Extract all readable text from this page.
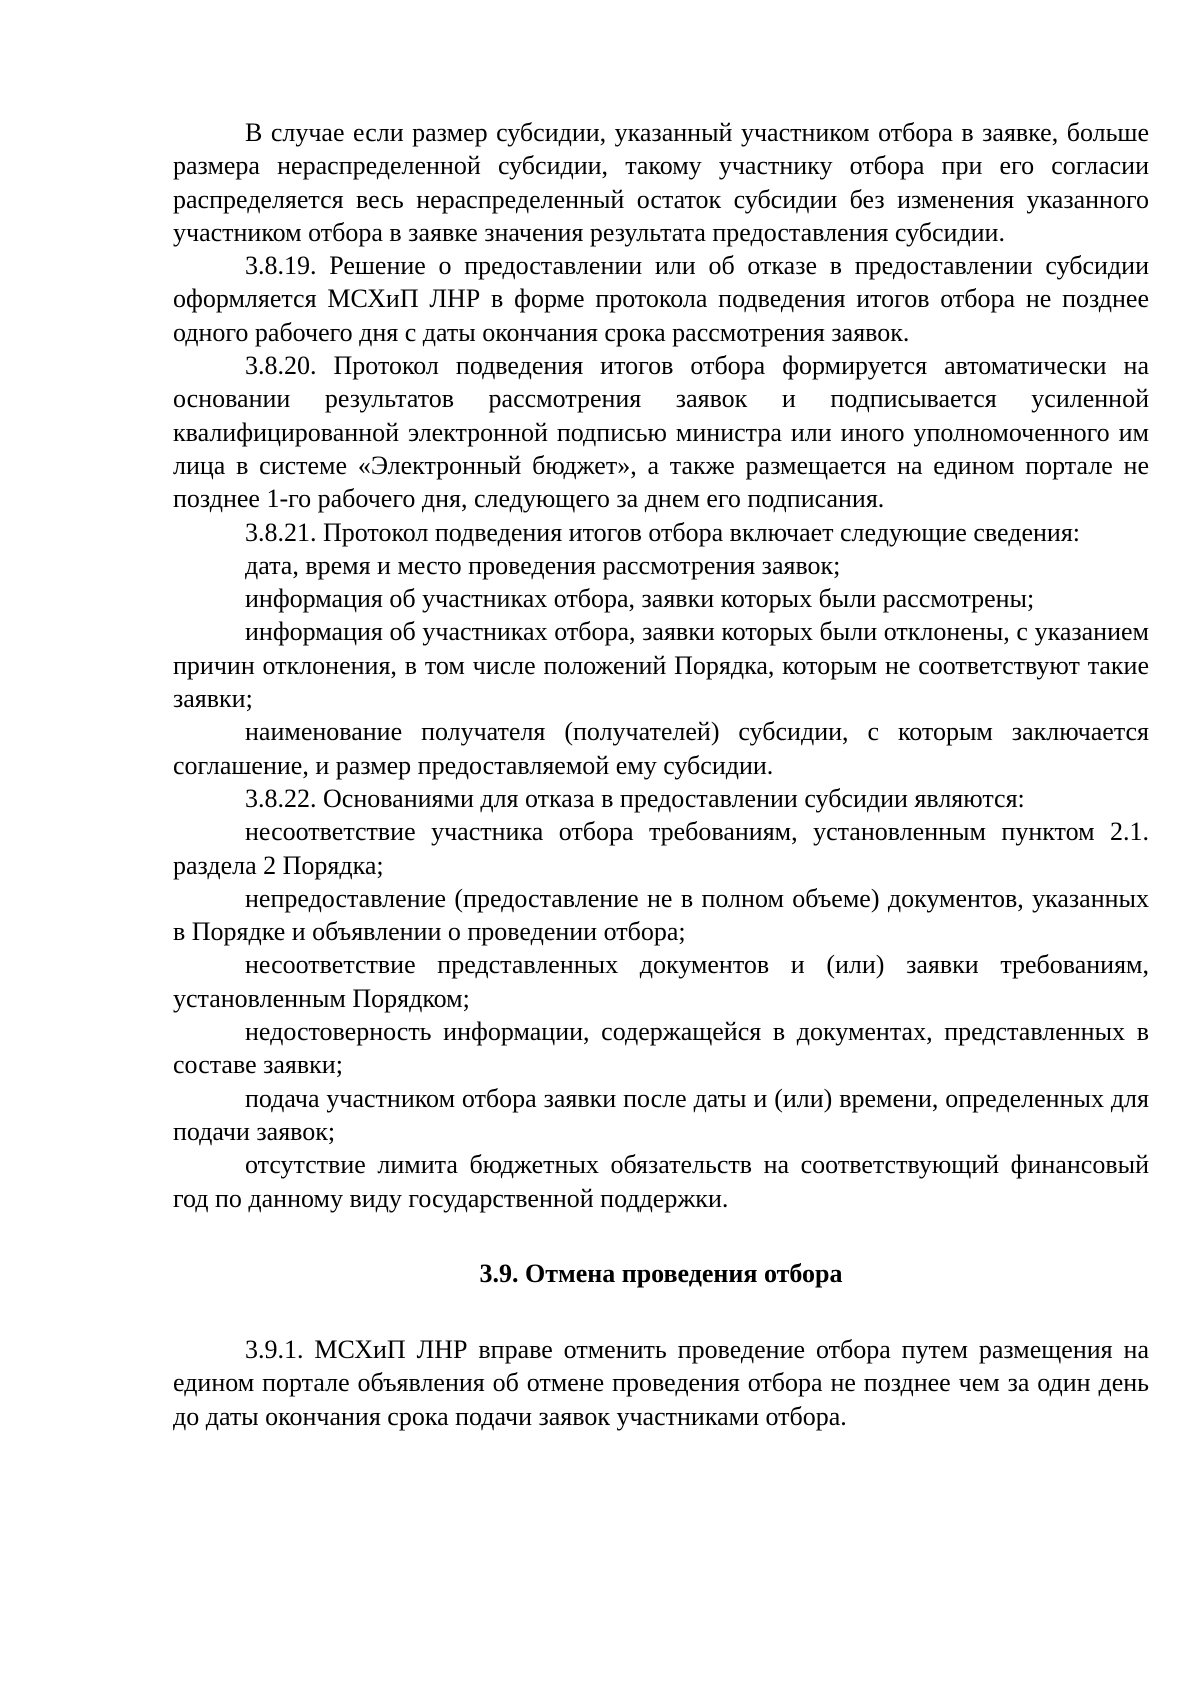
В случае если размер субсидии, указанный участником отбора в заявке, больше размера нераспределенной субсидии, такому участнику отбора при его согласии распределяется весь нераспределенный остаток субсидии без изменения указанного участником отбора в заявке значения результата предоставления субсидии.

3.8.19. Решение о предоставлении или об отказе в предоставлении субсидии оформляется МСХиП ЛНР в форме протокола подведения итогов отбора не позднее одного рабочего дня с даты окончания срока рассмотрения заявок.

3.8.20. Протокол подведения итогов отбора формируется автоматически на основании результатов рассмотрения заявок и подписывается усиленной квалифицированной электронной подписью министра или иного уполномоченного им лица в системе «Электронный бюджет», а также размещается на едином портале не позднее 1-го рабочего дня, следующего за днем его подписания.

3.8.21. Протокол подведения итогов отбора включает следующие сведения:

дата, время и место проведения рассмотрения заявок;

информация об участниках отбора, заявки которых были рассмотрены;

информация об участниках отбора, заявки которых были отклонены, с указанием причин отклонения, в том числе положений Порядка, которым не соответствуют такие заявки;

наименование получателя (получателей) субсидии, с которым заключается соглашение, и размер предоставляемой ему субсидии.

3.8.22. Основаниями для отказа в предоставлении субсидии являются:

несоответствие участника отбора требованиям, установленным пунктом 2.1. раздела 2 Порядка;

непредоставление (предоставление не в полном объеме) документов, указанных в Порядке и объявлении о проведении отбора;

несоответствие представленных документов и (или) заявки требованиям, установленным Порядком;

недостоверность информации, содержащейся в документах, представленных в составе заявки;

подача участником отбора заявки после даты и (или) времени, определенных для подачи заявок;

отсутствие лимита бюджетных обязательств на соответствующий финансовый год по данному виду государственной поддержки.

3.9. Отмена проведения отбора

3.9.1. МСХиП ЛНР вправе отменить проведение отбора путем размещения на едином портале объявления об отмене проведения отбора не позднее чем за один день до даты окончания срока подачи заявок участниками отбора.
